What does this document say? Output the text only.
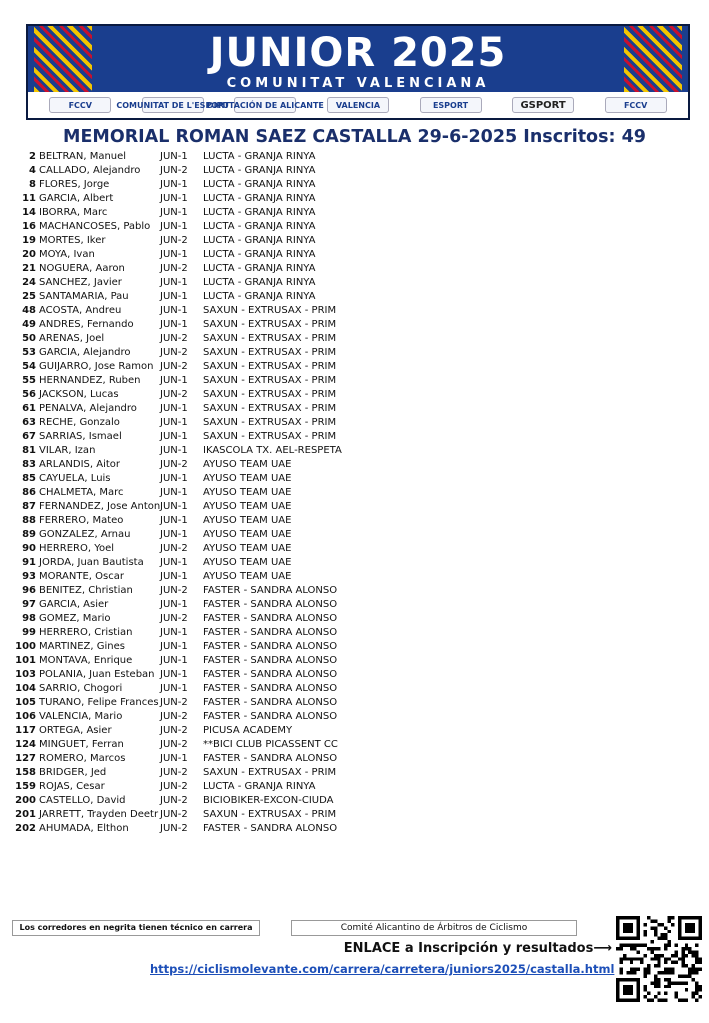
JUNIOR 2025
COMUNITAT VALENCIANA
FCCV	COMUNITAT DE L'ESPORT
DIPUTACIÓN DE ALICANTE	VALENCIA	ESPORT	GSPORT	FCCV
MEMORIAL ROMAN SAEZ CASTALLA 29-6-2025 Inscritos: 49
2 BELTRAN, Manuel	JUN-1 LUCTA - GRANJA RINYA
4 CALLADO, Alejandro	JUN-2 LUCTA - GRANJA RINYA
8 FLORES, Jorge	JUN-1 LUCTA - GRANJA RINYA
11 GARCIA, Albert	JUN-1 LUCTA - GRANJA RINYA
14 IBORRA, Marc	JUN-1 LUCTA - GRANJA RINYA
16 MACHANCOSES, Pablo JUN-1 LUCTA - GRANJA RINYA
19 MORTES, Iker	JUN-2 LUCTA - GRANJA RINYA
20 MOYA, Ivan	JUN-1 LUCTA - GRANJA RINYA
21 NOGUERA, Aaron	JUN-2 LUCTA - GRANJA RINYA
24 SANCHEZ, Javier	JUN-1 LUCTA - GRANJA RINYA
25 SANTAMARIA, Pau	JUN-1 LUCTA - GRANJA RINYA
48 ACOSTA, Andreu	JUN-1 SAXUN - EXTRUSAX - PRIM
49 ANDRES, Fernando	JUN-1 SAXUN - EXTRUSAX - PRIM
50 ARENAS, Joel	JUN-2 SAXUN - EXTRUSAX - PRIM
53 GARCIA, Alejandro	JUN-2 SAXUN - EXTRUSAX - PRIM
54 GUIJARRO, Jose Ramon JUN-2 SAXUN - EXTRUSAX - PRIM
55 HERNANDEZ, Ruben	JUN-1 SAXUN - EXTRUSAX - PRIM
56 JACKSON, Lucas	JUN-2 SAXUN - EXTRUSAX - PRIM
61 PENALVA, Alejandro	JUN-1 SAXUN - EXTRUSAX - PRIM
63 RECHE, Gonzalo	JUN-1 SAXUN - EXTRUSAX - PRIM
67 SARRIAS, Ismael	JUN-1 SAXUN - EXTRUSAX - PRIM
81 VILAR, Izan	JUN-1 IKASCOLA TX. AEL-RESPETA
83 ARLANDIS, Aitor	JUN-2 AYUSO TEAM UAE
85 CAYUELA, Luis	JUN-1 AYUSO TEAM UAE
86 CHALMETA, Marc	JUN-1 AYUSO TEAM UAE
87 FERNANDEZ, Jose Anton JUN-1 AYUSO TEAM UAE
88 FERRERO, Mateo	JUN-1 AYUSO TEAM UAE
89 GONZALEZ, Arnau	JUN-1 AYUSO TEAM UAE
90 HERRERO, Yoel	JUN-2 AYUSO TEAM UAE
91 JORDA, Juan Bautista	JUN-1 AYUSO TEAM UAE
93 MORANTE, Oscar	JUN-1 AYUSO TEAM UAE
96 BENITEZ, Christian	JUN-2 FASTER - SANDRA ALONSO
97 GARCIA, Asier	JUN-1 FASTER - SANDRA ALONSO
98 GOMEZ, Mario	JUN-2 FASTER - SANDRA ALONSO
99 HERRERO, Cristian	JUN-1 FASTER - SANDRA ALONSO
100 MARTINEZ, Gines	JUN-1 FASTER - SANDRA ALONSO
101 MONTAVA, Enrique	JUN-1 FASTER - SANDRA ALONSO
103 POLANIA, Juan Esteban JUN-1 FASTER - SANDRA ALONSO
104 SARRIO, Chogori	JUN-1 FASTER - SANDRA ALONSO
105 TURANO, Felipe Frances JUN-2 FASTER - SANDRA ALONSO
106 VALENCIA, Mario	JUN-2 FASTER - SANDRA ALONSO
117 ORTEGA, Asier	JUN-2 PICUSA ACADEMY
124 MINGUET, Ferran	JUN-2 **BICI CLUB PICASSENT CC
127 ROMERO, Marcos	JUN-1 FASTER - SANDRA ALONSO
158 BRIDGER, Jed	JUN-2 SAXUN - EXTRUSAX - PRIM
159 ROJAS, Cesar	JUN-2 LUCTA - GRANJA RINYA
200 CASTELLO, David	JUN-2 BICIOBIKER-EXCON-CIUDA
201 JARRETT, Trayden Deetr JUN-2 SAXUN - EXTRUSAX - PRIM
202 AHUMADA, Elthon	JUN-2 FASTER - SANDRA ALONSO
Los corredores en negrita tienen técnico en carrera	Comité Alicantino de Árbitros de Ciclismo
ENLACE a Inscripción y resultados⟶
https://ciclismolevante.com/carrera/carretera/juniors2025/castalla.html
